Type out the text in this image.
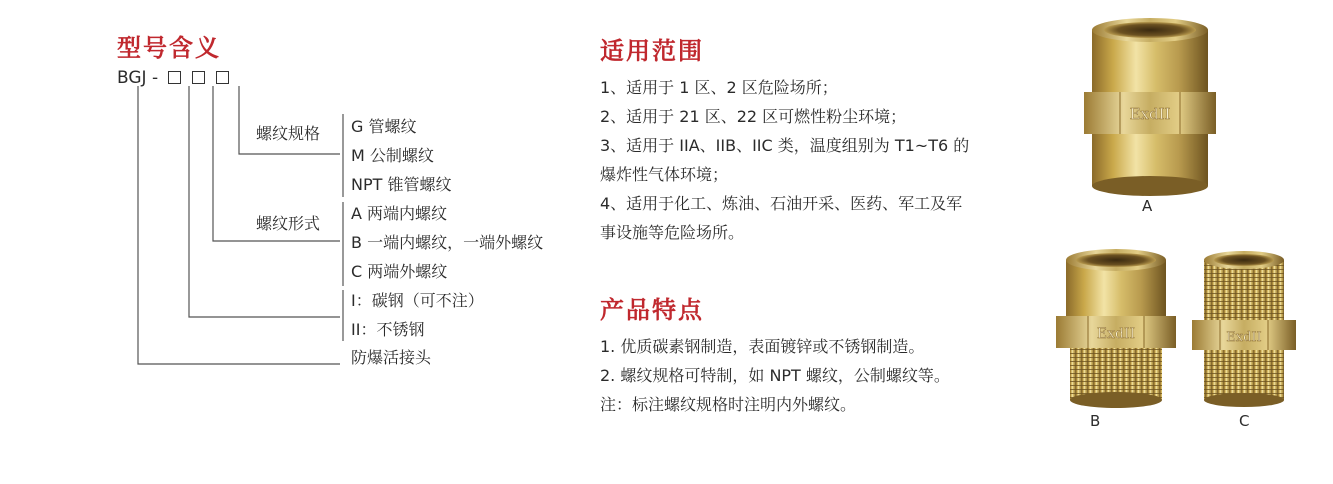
型号含义
BGJ -
螺纹规格 G 管螺纹
M 公制螺纹
NPT 锥管螺纹
螺纹形式
A 两端内螺纹
B 一端内螺纹，一端外螺纹
C 两端外螺纹
I：碳钢（可不注）
II：不锈钢
防爆活接头
适用范围
1、适用于 1 区、2 区危险场所；
2、适用于 21 区、22 区可燃性粉尘环境；
3、适用于 IIA、IIB、IIC 类，温度组别为 T1~T6 的
爆炸性气体环境；
4、适用于化工、炼油、石油开采、医药、军工及军
事设施等危险场所。
产品特点
1. 优质碳素钢制造，表面镀锌或不锈钢制造。
2. 螺纹规格可特制，如 NPT 螺纹，公制螺纹等。
注：标注螺纹规格时注明内外螺纹。
ExdII
A
ExdII
B
ExdII
C
